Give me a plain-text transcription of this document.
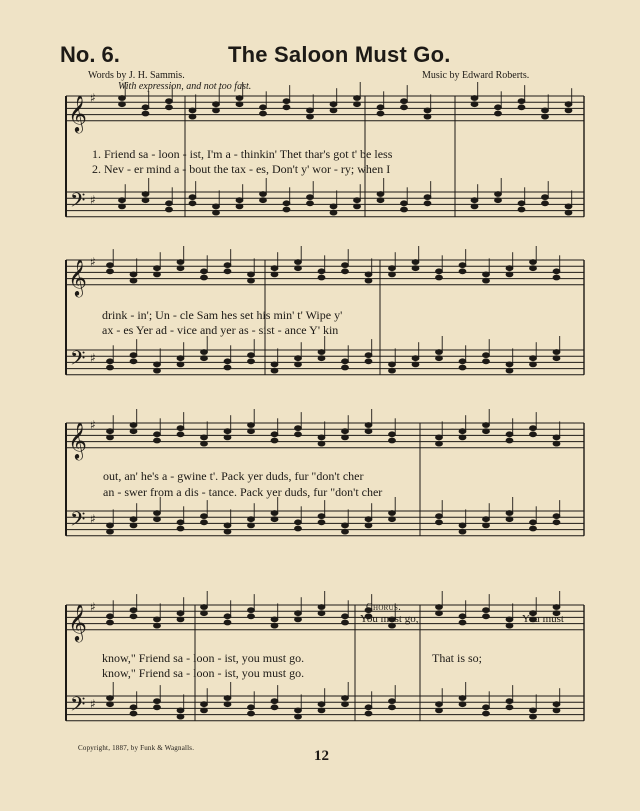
𝄞
𝄢
♯
♯
𝄞
𝄢
♯
♯
𝄞
𝄢
♯
♯
𝄞
𝄢
♯
♯
No. 6.	The Saloon Must Go.
Words by J. H. Sammis.	Music by Edward Roberts.
With expression, and not too fast.
1. Friend sa - loon - ist, I'm a - thinkin' Thet thar's got t' be less
2. Nev - er mind a - bout the tax - es, Don't y' wor - ry; when I
drink - in'; Un - cle Sam hes set his min' t' Wipe y'
ax - es Yer ad - vice and yer as - sist - ance Y' kin
out, an' he's a - gwine t'. Pack yer duds, fur "don't cher
an - swer from a dis - tance. Pack yer duds, fur "don't cher
Chorus.
You must go,	You must
know," Friend sa - loon - ist, you must go.
know," Friend sa - loon - ist, you must go.
That is so;
Copyright, 1887, by Funk & Wagnalls.	12
